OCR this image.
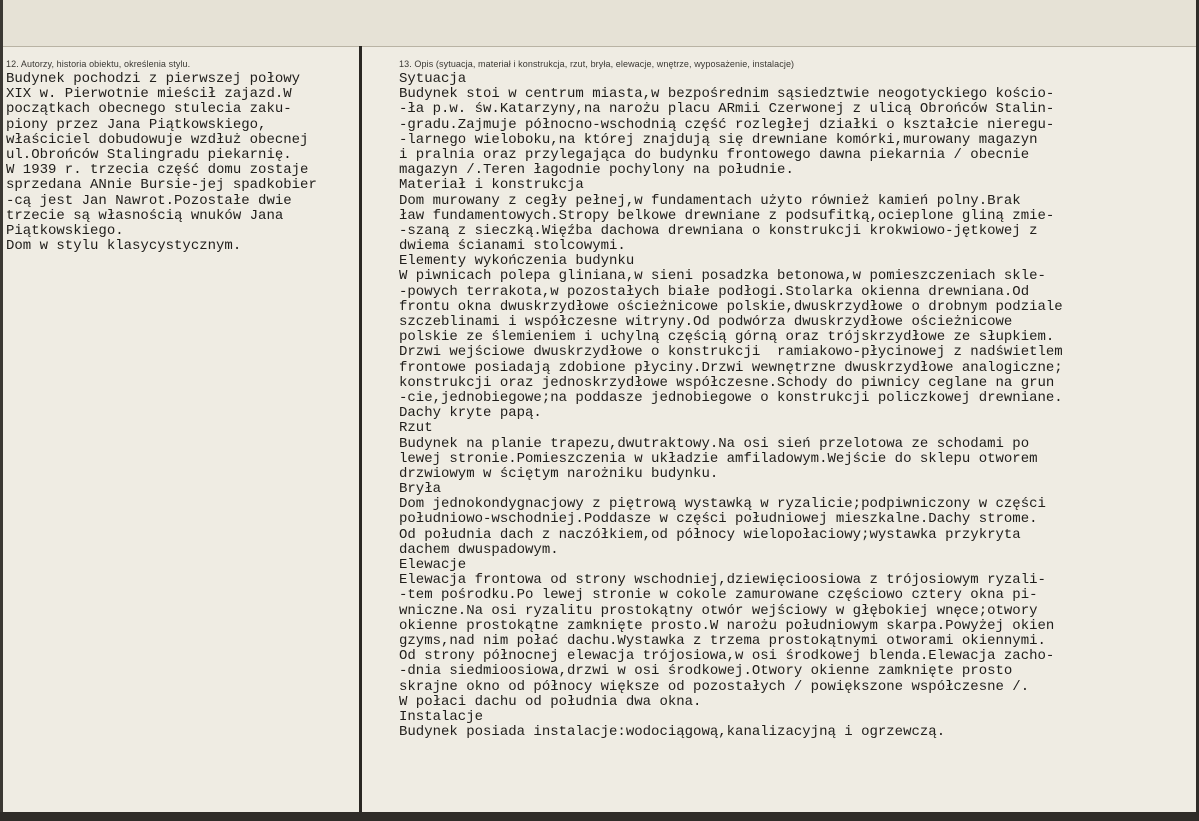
12. Autorzy, historia obiektu, określenia stylu.	13. Opis (sytuacja, materiał i konstrukcja, rzut, bryła, elewacje, wnętrze, wyposażenie, instalacje)
Budynek pochodzi z pierwszej połowy
XIX w. Pierwotnie mieścił zajazd.W
początkach obecnego stulecia zaku-
piony przez Jana Piątkowskiego,
właściciel dobudowuje wzdłuż obecnej
ul.Obrońców Stalingradu piekarnię.
W 1939 r. trzecia część domu zostaje
sprzedana ANnie Bursie-jej spadkobier
-cą jest Jan Nawrot.Pozostałe dwie
trzecie są własnością wnuków Jana
Piątkowskiego.
Dom w stylu klasycystycznym.
Sytuacja
Budynek stoi w centrum miasta,w bezpośrednim sąsiedztwie neogotyckiego kościo-
-ła p.w. św.Katarzyny,na narożu placu ARmii Czerwonej z ulicą Obrońców Stalin-
-gradu.Zajmuje północno-wschodnią część rozległej działki o kształcie nieregu-
-larnego wieloboku,na której znajdują się drewniane komórki,murowany magazyn
i pralnia oraz przylegająca do budynku frontowego dawna piekarnia / obecnie
magazyn /.Teren łagodnie pochylony na południe.
Materiał i konstrukcja
Dom murowany z cegły pełnej,w fundamentach użyto również kamień polny.Brak
ław fundamentowych.Stropy belkowe drewniane z podsufitką,ocieplone gliną zmie-
-szaną z sieczką.Więźba dachowa drewniana o konstrukcji krokwiowo-jętkowej z
dwiema ścianami stolcowymi.
Elementy wykończenia budynku
W piwnicach polepa gliniana,w sieni posadzka betonowa,w pomieszczeniach skle-
-powych terrakota,w pozostałych białe podłogi.Stolarka okienna drewniana.Od
frontu okna dwuskrzydłowe ościeżnicowe polskie,dwuskrzydłowe o drobnym podziale
szczeblinami i współczesne witryny.Od podwórza dwuskrzydłowe ościeżnicowe
polskie ze ślemieniem i uchylną częścią górną oraz trójskrzydłowe ze słupkiem.
Drzwi wejściowe dwuskrzydłowe o konstrukcji  ramiakowo-płycinowej z nadświetlem
frontowe posiadają zdobione płyciny.Drzwi wewnętrzne dwuskrzydłowe analogiczne;
konstrukcji oraz jednoskrzydłowe współczesne.Schody do piwnicy ceglane na grun
-cie,jednobiegowe;na poddasze jednobiegowe o konstrukcji policzkowej drewniane.
Dachy kryte papą.
Rzut
Budynek na planie trapezu,dwutraktowy.Na osi sień przelotowa ze schodami po
lewej stronie.Pomieszczenia w układzie amfiladowym.Wejście do sklepu otworem
drzwiowym w ściętym narożniku budynku.
Bryła
Dom jednokondygnacjowy z piętrową wystawką w ryzalicie;podpiwniczony w części
południowo-wschodniej.Poddasze w części południowej mieszkalne.Dachy strome.
Od południa dach z naczółkiem,od północy wielopołaciowy;wystawka przykryta
dachem dwuspadowym.
Elewacje
Elewacja frontowa od strony wschodniej,dziewięcioosiowa z trójosiowym ryzali-
-tem pośrodku.Po lewej stronie w cokole zamurowane częściowo cztery okna pi-
wniczne.Na osi ryzalitu prostokątny otwór wejściowy w głębokiej wnęce;otwory
okienne prostokątne zamknięte prosto.W narożu południowym skarpa.Powyżej okien
gzyms,nad nim połać dachu.Wystawka z trzema prostokątnymi otworami okiennymi.
Od strony północnej elewacja trójosiowa,w osi środkowej blenda.Elewacja zacho-
-dnia siedmioosiowa,drzwi w osi środkowej.Otwory okienne zamknięte prosto
skrajne okno od północy większe od pozostałych / powiększone współczesne /.
W połaci dachu od południa dwa okna.
Instalacje
Budynek posiada instalacje:wodociągową,kanalizacyjną i ogrzewczą.
